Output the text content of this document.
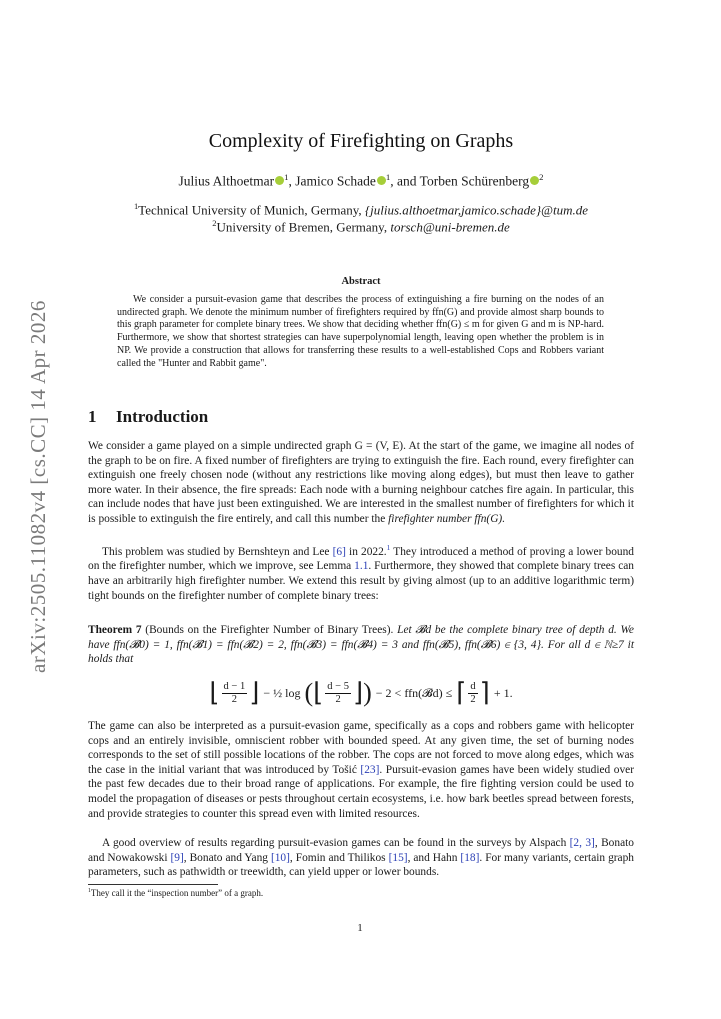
arXiv:2505.11082v4 [cs.CC] 14 Apr 2026
Complexity of Firefighting on Graphs
Julius Althoetmar $^1$, Jamico Schade $^1$, and Torben Schürenberg $^2$
$^1$Technical University of Munich, Germany, {julius.althoetmar,jamico.schade}@tum.de
$^2$University of Bremen, Germany, torsch@uni-bremen.de
Abstract
We consider a pursuit-evasion game that describes the process of extinguishing a fire burning on the nodes of an undirected graph. We denote the minimum number of firefighters required by ffn(G) and provide almost sharp bounds to this graph parameter for complete binary trees. We show that deciding whether ffn(G) ≤ m for given G and m is NP-hard. Furthermore, we show that shortest strategies can have superpolynomial length, leaving open whether the problem is in NP. We provide a construction that allows for transferring these results to a well-established Cops and Robbers variant called the "Hunter and Rabbit game".
1 Introduction
We consider a game played on a simple undirected graph G = (V, E). At the start of the game, we imagine all nodes of the graph to be on fire. A fixed number of firefighters are trying to extinguish the fire. Each round, every firefighter can extinguish one freely chosen node (without any restrictions like moving along edges), but must then leave to gather more water. In their absence, the fire spreads: Each node with a burning neighbour catches fire again. In particular, this can include nodes that have just been extinguished. We are interested in the smallest number of firefighters for which it is possible to extinguish the fire entirely, and call this number the firefighter number ffn(G).
This problem was studied by Bernshteyn and Lee [6] in 2022.$^1$ They introduced a method of proving a lower bound on the firefighter number, which we improve, see Lemma 1.1. Furthermore, they showed that complete binary trees can have an arbitrarily high firefighter number. We extend this result by giving almost (up to an additive logarithmic term) tight bounds on the firefighter number of complete binary trees:
Theorem 7 (Bounds on the Firefighter Number of Binary Trees). Let 𝓑d be the complete binary tree of depth d. We have ffn(𝓑0) = 1, ffn(𝓑1) = ffn(𝓑2) = 2, ffn(𝓑3) = ffn(𝓑4) = 3 and ffn(𝓑5), ffn(𝓑6) ∈ {3, 4}. For all d ∈ ℕ≥7 it holds that
⌊ $\frac{d - 1}{2}$ ⌋ − ½ log (⌊ $\frac{d - 5}{2}$ ⌋) − 2 < ffn(𝓑d) ≤ ⌈ $\frac{d}{2}$ ⌉ + 1.
The game can also be interpreted as a pursuit-evasion game, specifically as a cops and robbers game with helicopter cops and an entirely invisible, omniscient robber with bounded speed. At any given time, the set of burning nodes corresponds to the set of still possible locations of the robber. The cops are not forced to move along edges, which was the case in the initial variant that was introduced by Tošić [23]. Pursuit-evasion games have been widely studied over the past few decades due to their broad range of applications. For example, the fire fighting version could be used to model the propagation of diseases or pests throughout certain ecosystems, i.e. how bark beetles spread between forests, and provide strategies to counter this spread even with limited resources.
A good overview of results regarding pursuit-evasion games can be found in the surveys by Alspach [2, 3], Bonato and Nowakowski [9], Bonato and Yang [10], Fomin and Thilikos [15], and Hahn [18]. For many variants, certain graph parameters, such as pathwidth or treewidth, can yield upper or lower bounds.
$^1$They call it the “inspection number” of a graph.
1
